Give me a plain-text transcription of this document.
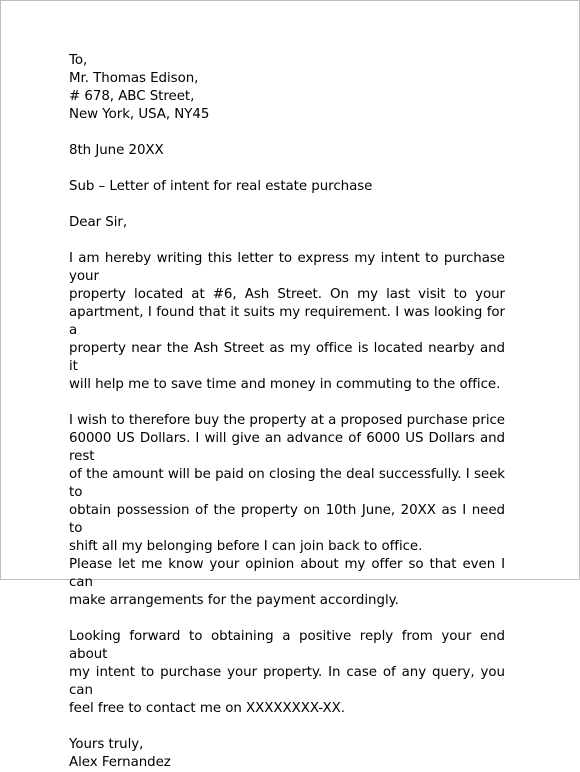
To,
Mr. Thomas Edison,
# 678, ABC Street,
New York, USA, NY45
8th June 20XX
Sub – Letter of intent for real estate purchase
Dear Sir,
I am hereby writing this letter to express my intent to purchase your
property located at #6, Ash Street. On my last visit to your
apartment, I found that it suits my requirement. I was looking for a
property near the Ash Street as my office is located nearby and it
will help me to save time and money in commuting to the office.
I wish to therefore buy the property at a proposed purchase price
60000 US Dollars. I will give an advance of 6000 US Dollars and rest
of the amount will be paid on closing the deal successfully. I seek to
obtain possession of the property on 10th June, 20XX as I need to
shift all my belonging before I can join back to office.
Please let me know your opinion about my offer so that even I can
make arrangements for the payment accordingly.
Looking forward to obtaining a positive reply from your end about
my intent to purchase your property. In case of any query, you can
feel free to contact me on XXXXXXXX-XX.
Yours truly,
Alex Fernandez
